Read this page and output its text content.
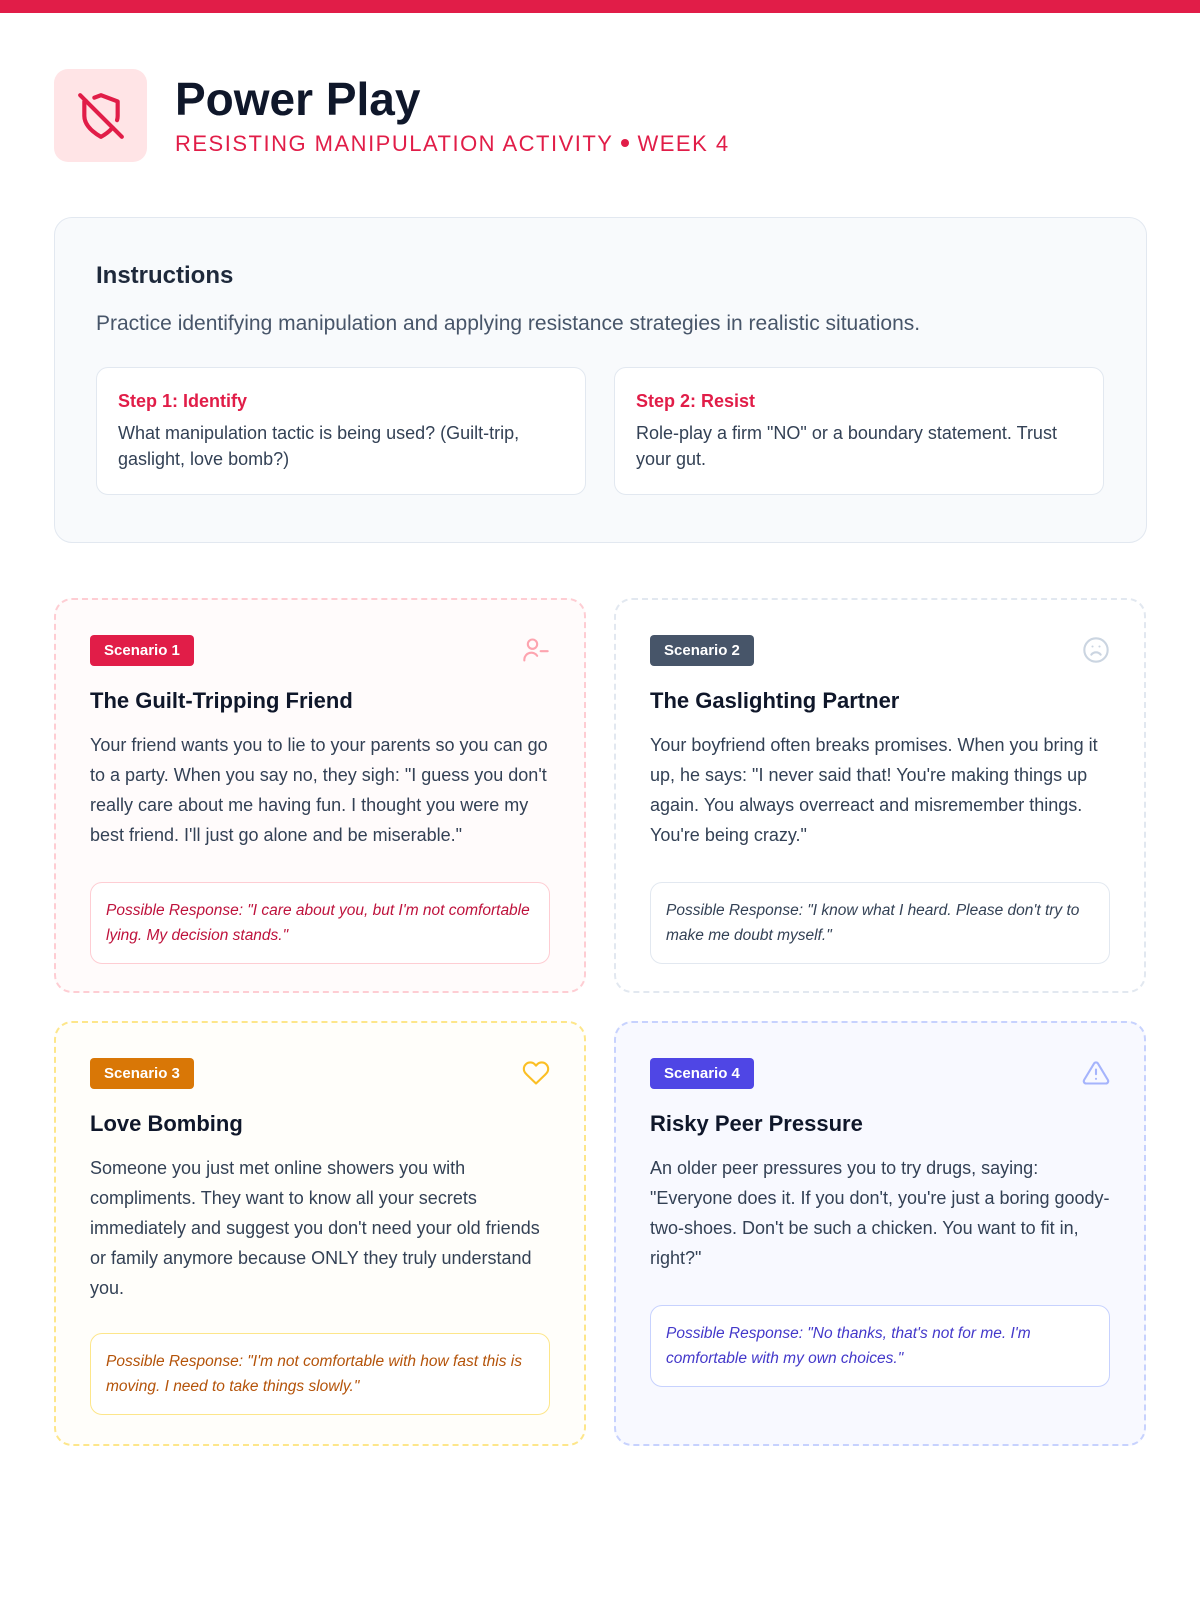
Power Play
RESISTING MANIPULATION ACTIVITY WEEK 4
Instructions
Practice identifying manipulation and applying resistance strategies in realistic situations.
Step 1: Identify
What manipulation tactic is being used? (Guilt-trip, gaslight, love bomb?)
Step 2: Resist
Role-play a firm "NO" or a boundary statement. Trust your gut.
Scenario 1
The Guilt-Tripping Friend
Your friend wants you to lie to your parents so you can go to a party. When you say no, they sigh: "I guess you don't really care about me having fun. I thought you were my best friend. I'll just go alone and be miserable."
Possible Response: "I care about you, but I'm not comfortable lying. My decision stands."
Scenario 2
The Gaslighting Partner
Your boyfriend often breaks promises. When you bring it up, he says: "I never said that! You're making things up again. You always overreact and misremember things. You're being crazy."
Possible Response: "I know what I heard. Please don't try to make me doubt myself."
Scenario 3
Love Bombing
Someone you just met online showers you with compliments. They want to know all your secrets immediately and suggest you don't need your old friends or family anymore because ONLY they truly understand you.
Possible Response: "I'm not comfortable with how fast this is moving. I need to take things slowly."
Scenario 4
Risky Peer Pressure
An older peer pressures you to try drugs, saying: "Everyone does it. If you don't, you're just a boring goody-two-shoes. Don't be such a chicken. You want to fit in, right?"
Possible Response: "No thanks, that's not for me. I'm comfortable with my own choices."
